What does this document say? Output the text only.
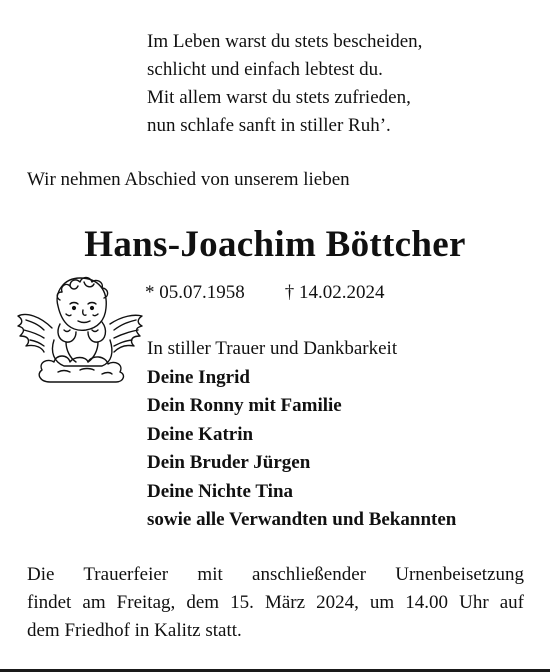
Im Leben warst du stets bescheiden,
schlicht und einfach lebtest du.
Mit allem warst du stets zufrieden,
nun schlafe sanft in stiller Ruh’.
Wir nehmen Abschied von unserem lieben
Hans-Joachim Böttcher
* 05.07.1958 † 14.02.2024
In stiller Trauer und Dankbarkeit
Deine Ingrid
Dein Ronny mit Familie
Deine Katrin
Dein Bruder Jürgen
Deine Nichte Tina
sowie alle Verwandten und Bekannten
Die Trauerfeier mit anschließender Urnenbeisetzung
findet am Freitag, dem 15. März 2024, um 14.00 Uhr auf
dem Friedhof in Kalitz statt.
